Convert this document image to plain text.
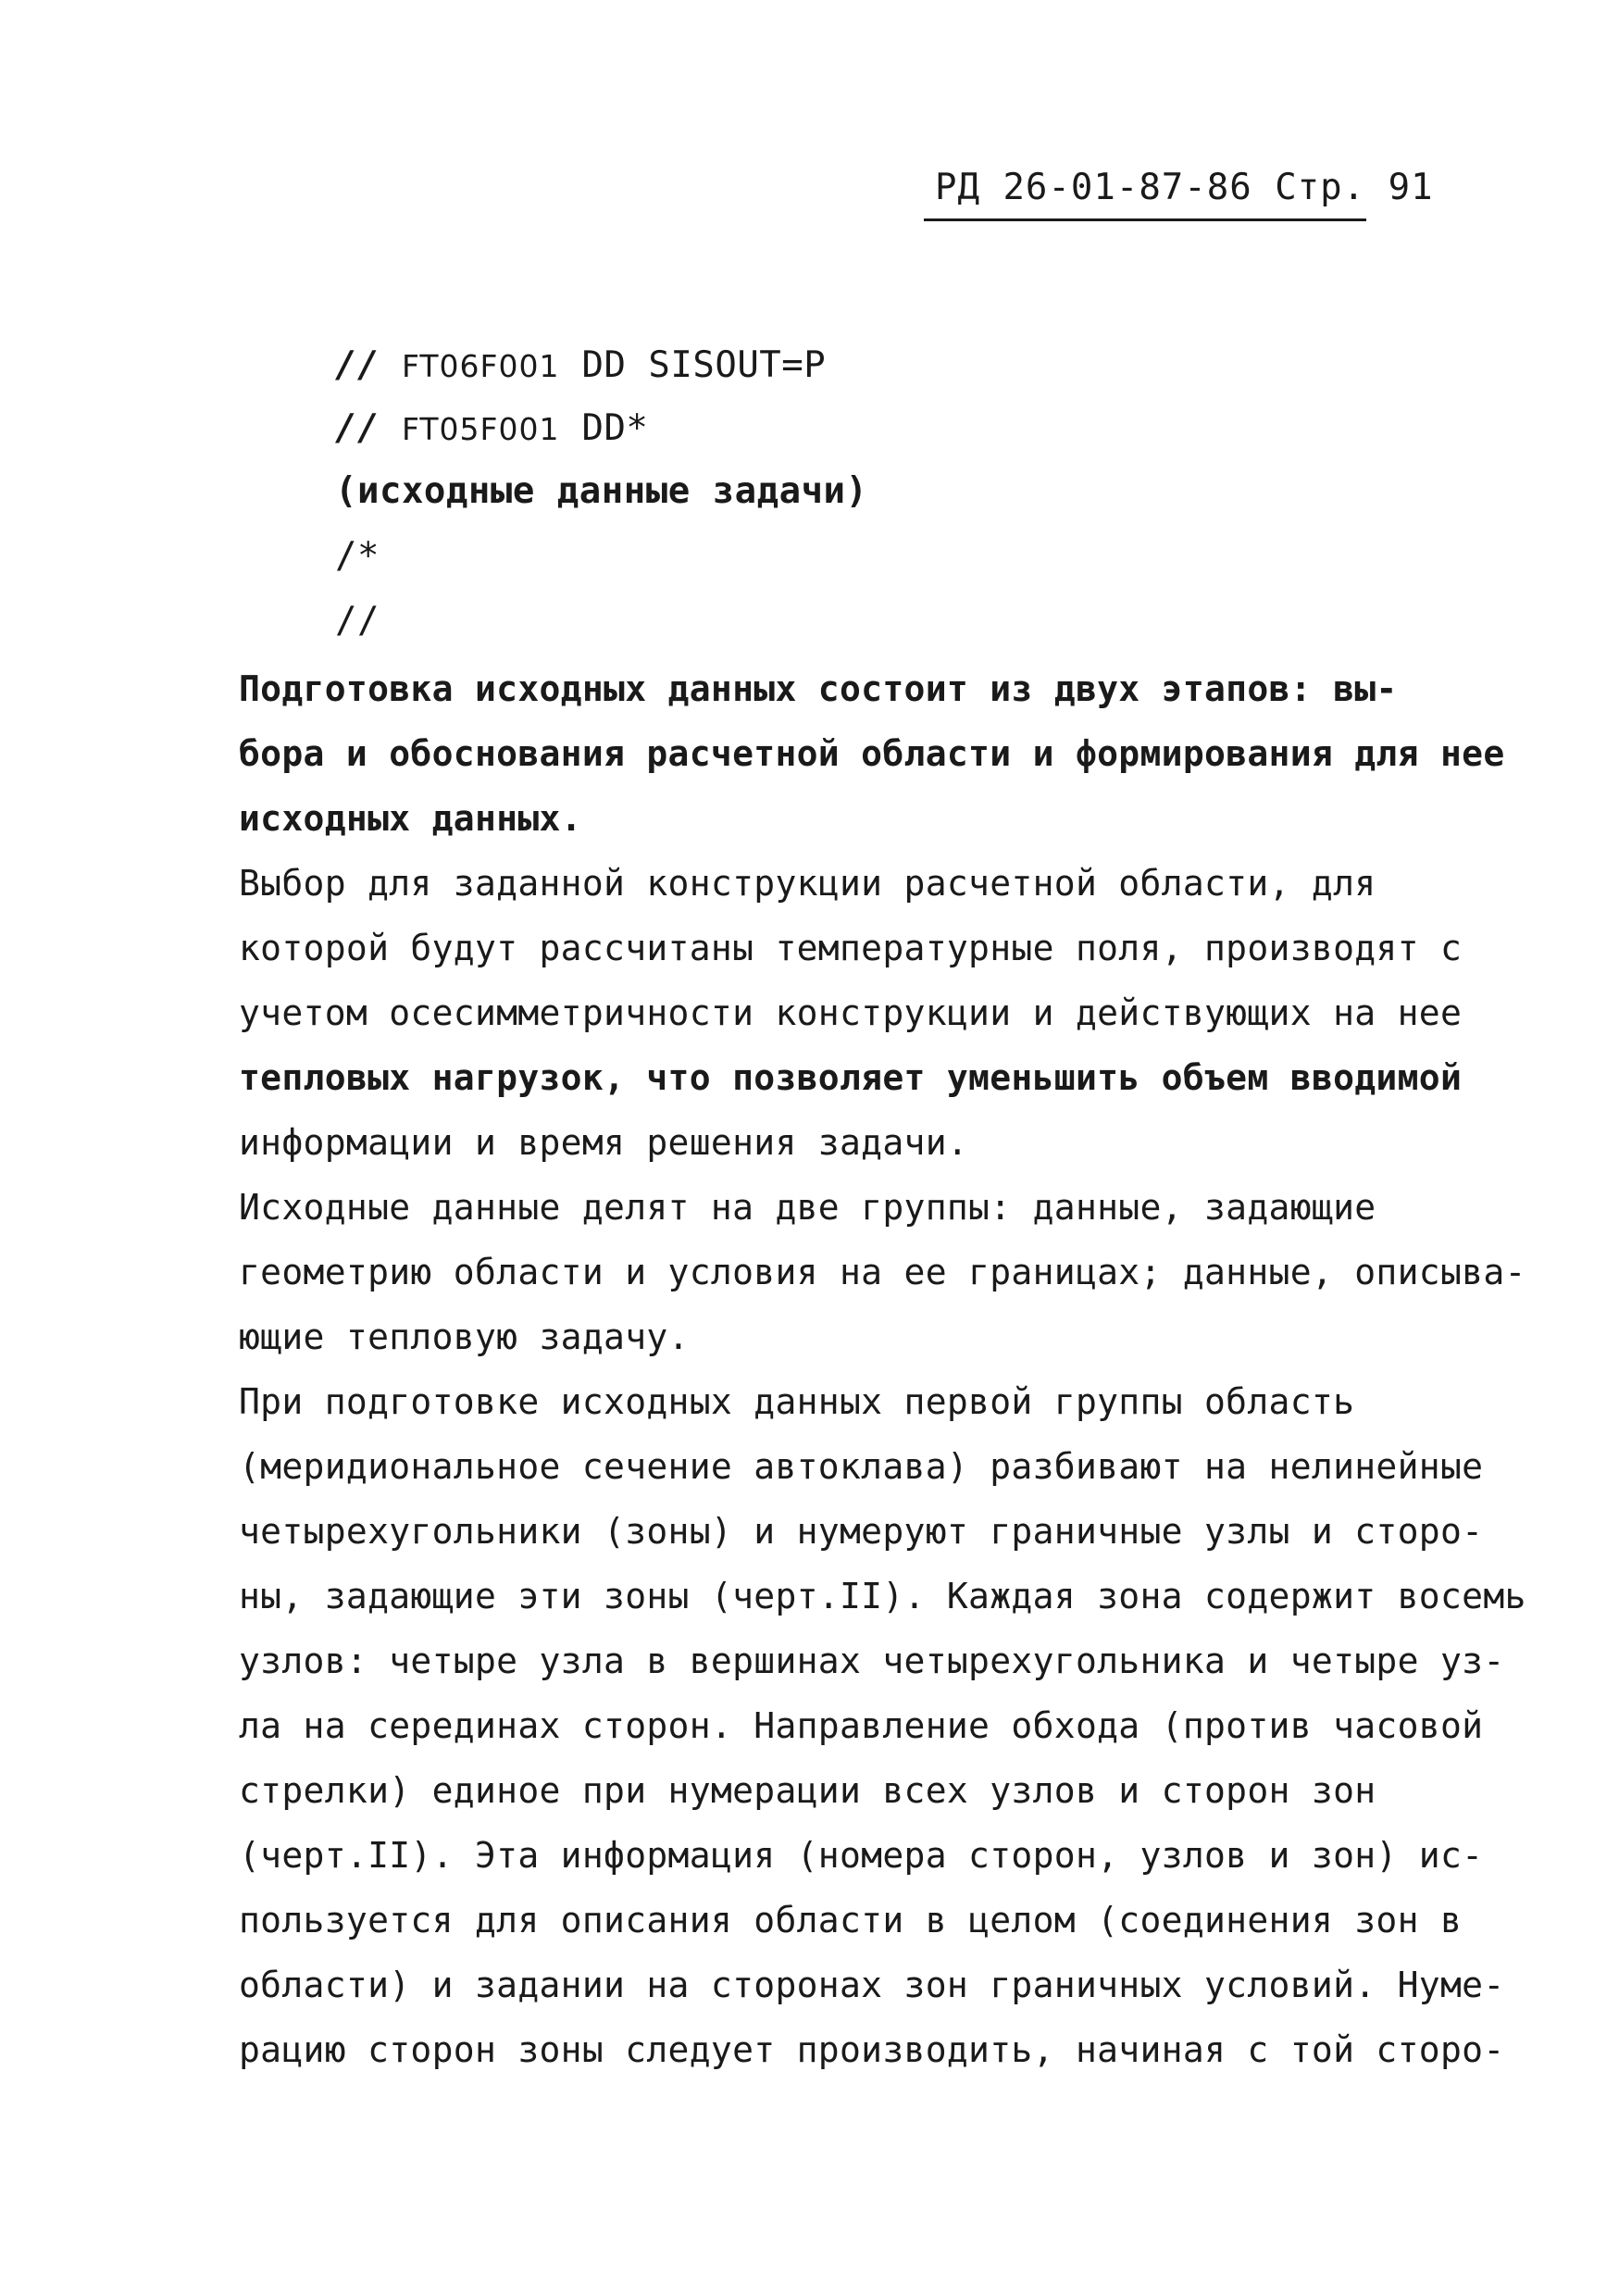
РД 26-01-87-86 Стр. 91
// FT06F001 DD SISOUT=P
// FT05F001 DD*
(исходные данные задачи)
/*
//
Подготовка исходных данных состоит из двух этапов: вы-
бора и обоснования расчетной области и формирования для нее
исходных данных.
Выбор для заданной конструкции расчетной области, для
которой будут рассчитаны температурные поля, производят с
учетом осесимметричности конструкции и действующих на нее
тепловых нагрузок, что позволяет уменьшить объем вводимой
информации и время решения задачи.
Исходные данные делят на две группы: данные, задающие
геометрию области и условия на ее границах; данные, описыва-
ющие тепловую задачу.
При подготовке исходных данных первой группы область
(меридиональное сечение автоклава) разбивают на нелинейные
четырехугольники (зоны) и нумеруют граничные узлы и сторо-
ны, задающие эти зоны (черт.II). Каждая зона содержит восемь
узлов: четыре узла в вершинах четырехугольника и четыре уз-
ла на серединах сторон. Направление обхода (против часовой
стрелки) единое при нумерации всех узлов и сторон зон
(черт.II). Эта информация (номера сторон, узлов и зон) ис-
пользуется для описания области в целом (соединения зон в
области) и задании на сторонах зон граничных условий. Нуме-
рацию сторон зоны следует производить, начиная с той сторо-
